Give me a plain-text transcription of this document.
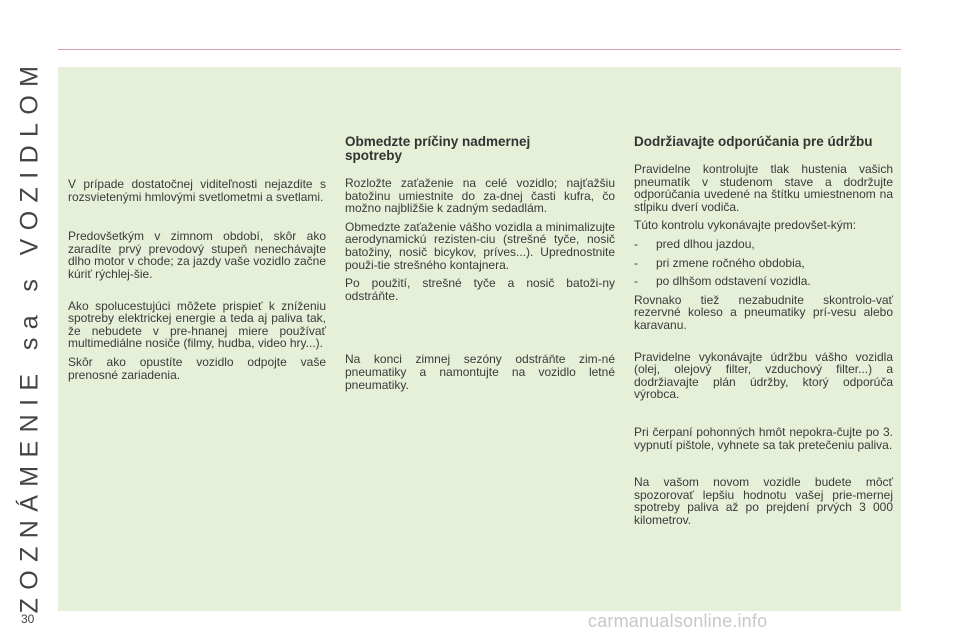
ZOZNÁMENIE sa s VOZIDLOM
30

V prípade dostatočnej viditeľnosti nejazdite s rozsvietenými hmlovými svetlometmi a svetlami.

Predovšetkým v zimnom období, skôr ako zaradíte prvý prevodový stupeň nenechávajte dlho motor v chode; za jazdy vaše vozidlo začne kúriť rýchlej-šie.

Ako spolucestujúci môžete prispieť k zníženiu spotreby elektrickej energie a teda aj paliva tak, že nebudete v pre-hnanej miere používať multimediálne nosiče (filmy, hudba, video hry...).

Skôr ako opustíte vozidlo odpojte vaše prenosné zariadenia.

Obmedzte príčiny nadmernej spotreby

Rozložte zaťaženie na celé vozidlo; najťažšiu batožinu umiestnite do za-dnej časti kufra, čo možno najbližšie k zadným sedadlám.

Obmedzte zaťaženie vášho vozidla a minimalizujte aerodynamickú rezisten-ciu (strešné tyče, nosič batožiny, nosič bicykov, príves...). Uprednostnite použi-tie strešného kontajnera.

Po použití, strešné tyče a nosič batoži-ny odstráňte.

Na konci zimnej sezóny odstráňte zim-né pneumatiky a namontujte na vozidlo letné pneumatiky.

Dodržiavajte odporúčania pre údržbu

Pravidelne kontrolujte tlak hustenia vašich pneumatík v studenom stave a dodržujte odporúčania uvedené na štítku umiestnenom na stĺpiku dverí vodiča.

Túto kontrolu vykonávajte predovšet-kým:

-	pred dlhou jazdou,
-	pri zmene ročného obdobia,
-	po dlhšom odstavení vozidla.

Rovnako tiež nezabudnite skontrolo-vať rezervné koleso a pneumatiky prí-vesu alebo karavanu.

Pravidelne vykonávajte údržbu vášho vozidla (olej, olejový filter, vzduchový filter...) a dodržiavajte plán údržby, ktorý odporúča výrobca.

Pri čerpaní pohonných hmôt nepokra-čujte po 3. vypnutí pištole, vyhnete sa tak pretečeniu paliva.

Na vašom novom vozidle budete môcť spozorovať lepšiu hodnotu vašej prie-mernej spotreby paliva až po prejdení prvých 3 000 kilometrov.

carmanualsonline.info
